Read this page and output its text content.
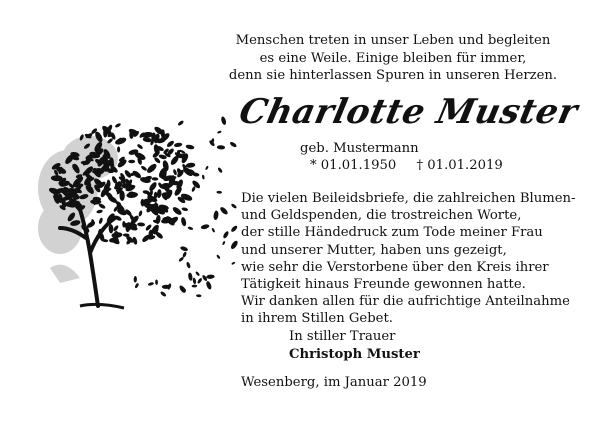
Menschen treten in unser Leben und begleiten
es eine Weile. Einige bleiben für immer,
denn sie hinterlassen Spuren in unseren Herzen.
Charlotte Muster
geb. Mustermann
* 01.01.1950 † 01.01.2019
Die vielen Beileidsbriefe, die zahlreichen Blumen-
und Geldspenden, die trostreichen Worte,
der stille Händedruck zum Tode meiner Frau
und unserer Mutter, haben uns gezeigt,
wie sehr die Verstorbene über den Kreis ihrer
Tätigkeit hinaus Freunde gewonnen hatte.
Wir danken allen für die aufrichtige Anteilnahme
in ihrem Stillen Gebet.
In stiller Trauer
Christoph Muster
Wesenberg, im Januar 2019
